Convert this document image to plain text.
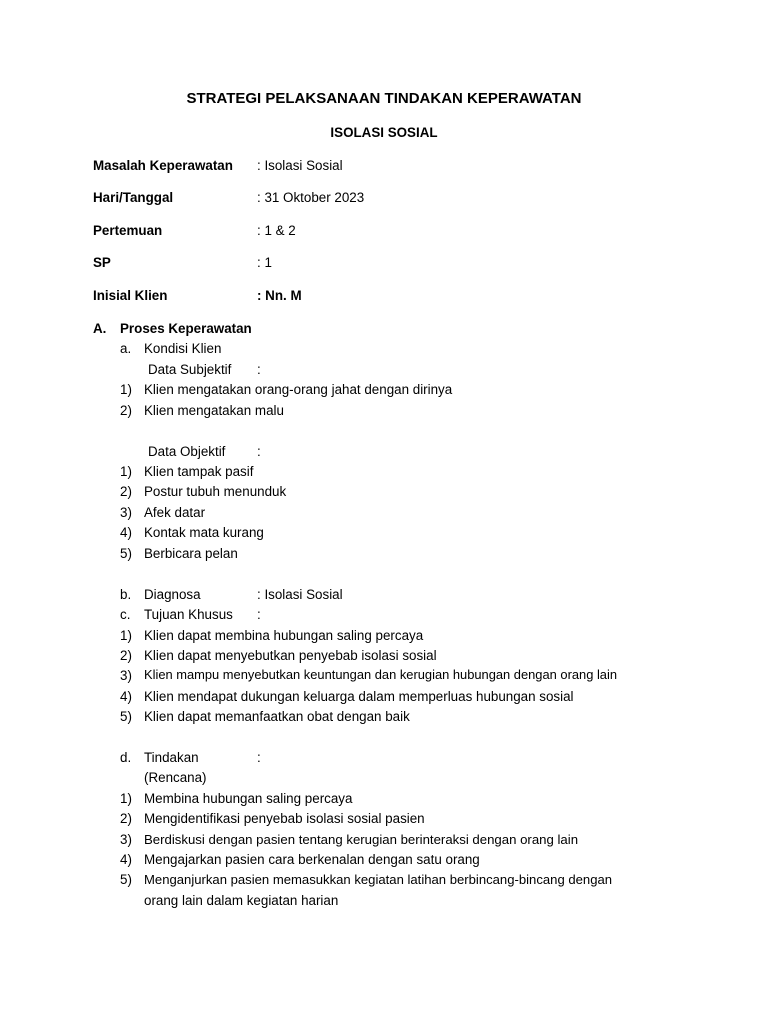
STRATEGI PELAKSANAAN TINDAKAN KEPERAWATAN
ISOLASI SOSIAL
Masalah Keperawatan : Isolasi Sosial
Hari/Tanggal	: 31 Oktober 2023
Pertemuan	: 1 & 2
SP	: 1
Inisial Klien	: Nn. M
A. Proses Keperawatan
a. Kondisi Klien
Data Subjektif :
1) Klien mengatakan orang-orang jahat dengan dirinya
2) Klien mengatakan malu
Data Objektif :
1) Klien tampak pasif
2) Postur tubuh menunduk
3) Afek datar
4) Kontak mata kurang
5) Berbicara pelan
b. Diagnosa	: Isolasi Sosial
c. Tujuan Khusus :
1) Klien dapat membina hubungan saling percaya
2) Klien dapat menyebutkan penyebab isolasi sosial
3) Klien mampu menyebutkan keuntungan dan kerugian hubungan dengan orang lain
4) Klien mendapat dukungan keluarga dalam memperluas hubungan sosial
5) Klien dapat memanfaatkan obat dengan baik
d. Tindakan	:
(Rencana)
1) Membina hubungan saling percaya
2) Mengidentifikasi penyebab isolasi sosial pasien
3) Berdiskusi dengan pasien tentang kerugian berinteraksi dengan orang lain
4) Mengajarkan pasien cara berkenalan dengan satu orang
5) Menganjurkan pasien memasukkan kegiatan latihan berbincang-bincang dengan
orang lain dalam kegiatan harian
